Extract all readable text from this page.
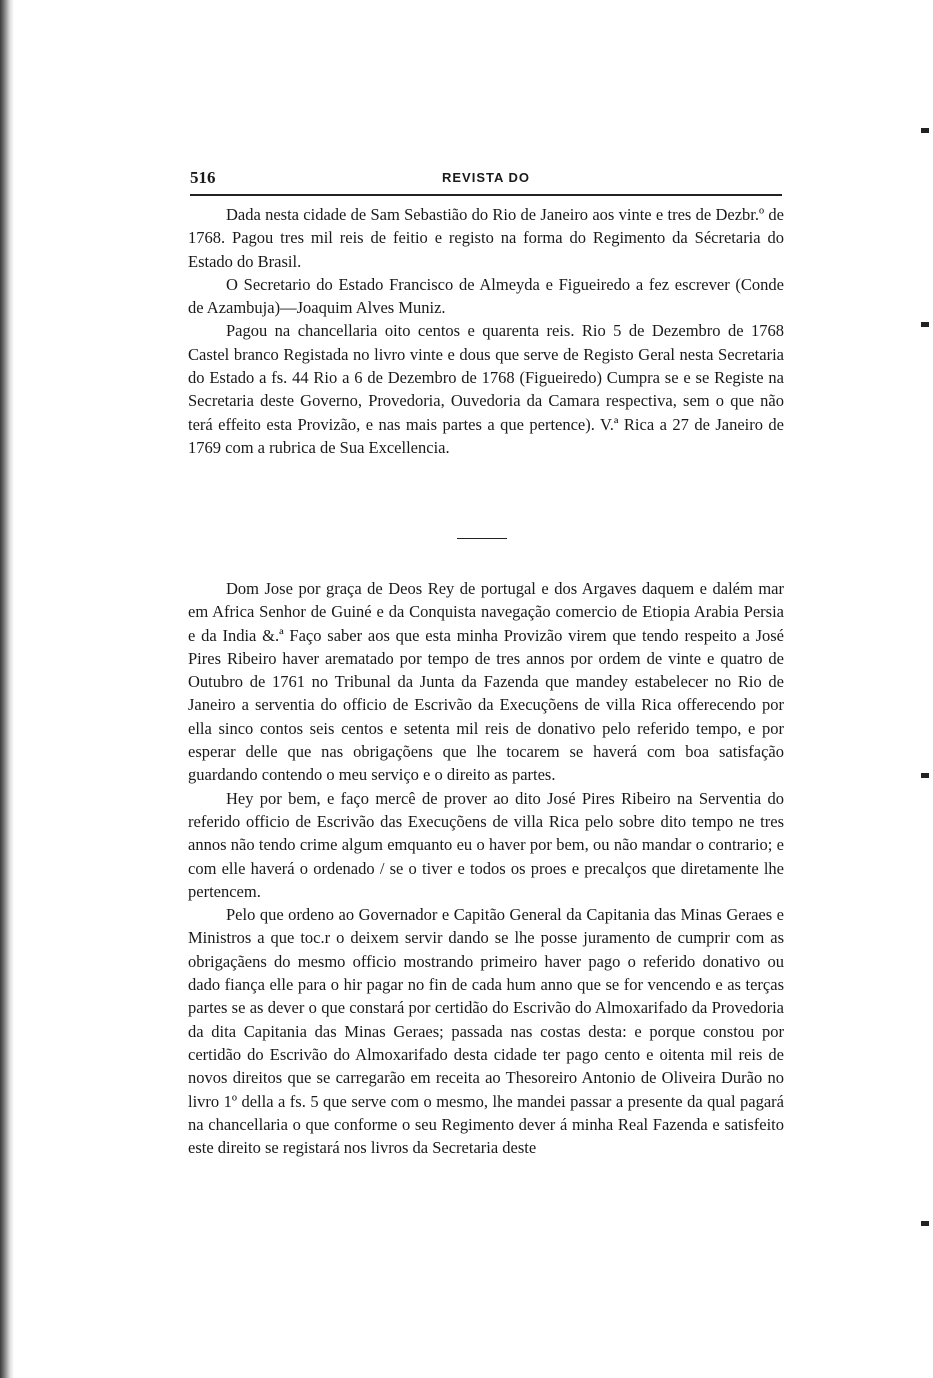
516	REVISTA DO

Dada nesta cidade de Sam Sebastião do Rio de Janeiro aos vinte e tres de Dezbr.º de 1768. Pagou tres mil reis de feitio e registo na forma do Regimento da Sécretaria do Estado do Brasil.

O Secretario do Estado Francisco de Almeyda e Figueiredo a fez escrever (Conde de Azambuja)—Joaquim Alves Muniz.

Pagou na chancellaria oito centos e quarenta reis. Rio 5 de Dezembro de 1768 Castel branco Registada no livro vinte e dous que serve de Registo Geral nesta Secretaria do Estado a fs. 44 Rio a 6 de Dezembro de 1768 (Figueiredo) Cumpra se e se Registe na Secretaria deste Governo, Provedoria, Ouvedoria da Camara respectiva, sem o que não terá effeito esta Provizão, e nas mais partes a que pertence). V.ª Rica a 27 de Janeiro de 1769 com a rubrica de Sua Excellencia.

Dom Jose por graça de Deos Rey de portugal e dos Argaves daquem e dalém mar em Africa Senhor de Guiné e da Conquista navegação comercio de Etiopia Arabia Persia e da India &.ª Faço saber aos que esta minha Provizão virem que tendo respeito a José Pires Ribeiro haver arematado por tempo de tres annos por ordem de vinte e quatro de Outubro de 1761 no Tribunal da Junta da Fazenda que mandey estabelecer no Rio de Janeiro a serventia do officio de Escrivão da Execuçõens de villa Rica offerecendo por ella sinco contos seis centos e setenta mil reis de donativo pelo referido tempo, e por esperar delle que nas obrigaçõens que lhe tocarem se haverá com boa satisfação guardando contendo o meu serviço e o direito as partes.

Hey por bem, e faço mercê de prover ao dito José Pires Ribeiro na Serventia do referido officio de Escrivão das Execuçõens de villa Rica pelo sobre dito tempo ne tres annos não tendo crime algum emquanto eu o haver por bem, ou não mandar o contrario; e com elle haverá o ordenado / se o tiver e todos os proes e precalços que diretamente lhe pertencem.

Pelo que ordeno ao Governador e Capitão General da Capitania das Minas Geraes e Ministros a que toc.r o deixem servir dando se lhe posse juramento de cumprir com as obrigaçãens do mesmo officio mostrando primeiro haver pago o referido donativo ou dado fiança elle para o hir pagar no fin de cada hum anno que se for vencendo e as terças partes se as dever o que constará por certidão do Escrivão do Almoxarifado da Provedoria da dita Capitania das Minas Geraes; passada nas costas desta: e porque constou por certidão do Escrivão do Almoxarifado desta cidade ter pago cento e oitenta mil reis de novos direitos que se carregarão em receita ao Thesoreiro Antonio de Oliveira Durão no livro 1º della a fs. 5 que serve com o mesmo, lhe mandei passar a presente da qual pagará na chancellaria o que conforme o seu Regimento dever á minha Real Fazenda e satisfeito este direito se registará nos livros da Secretaria deste
